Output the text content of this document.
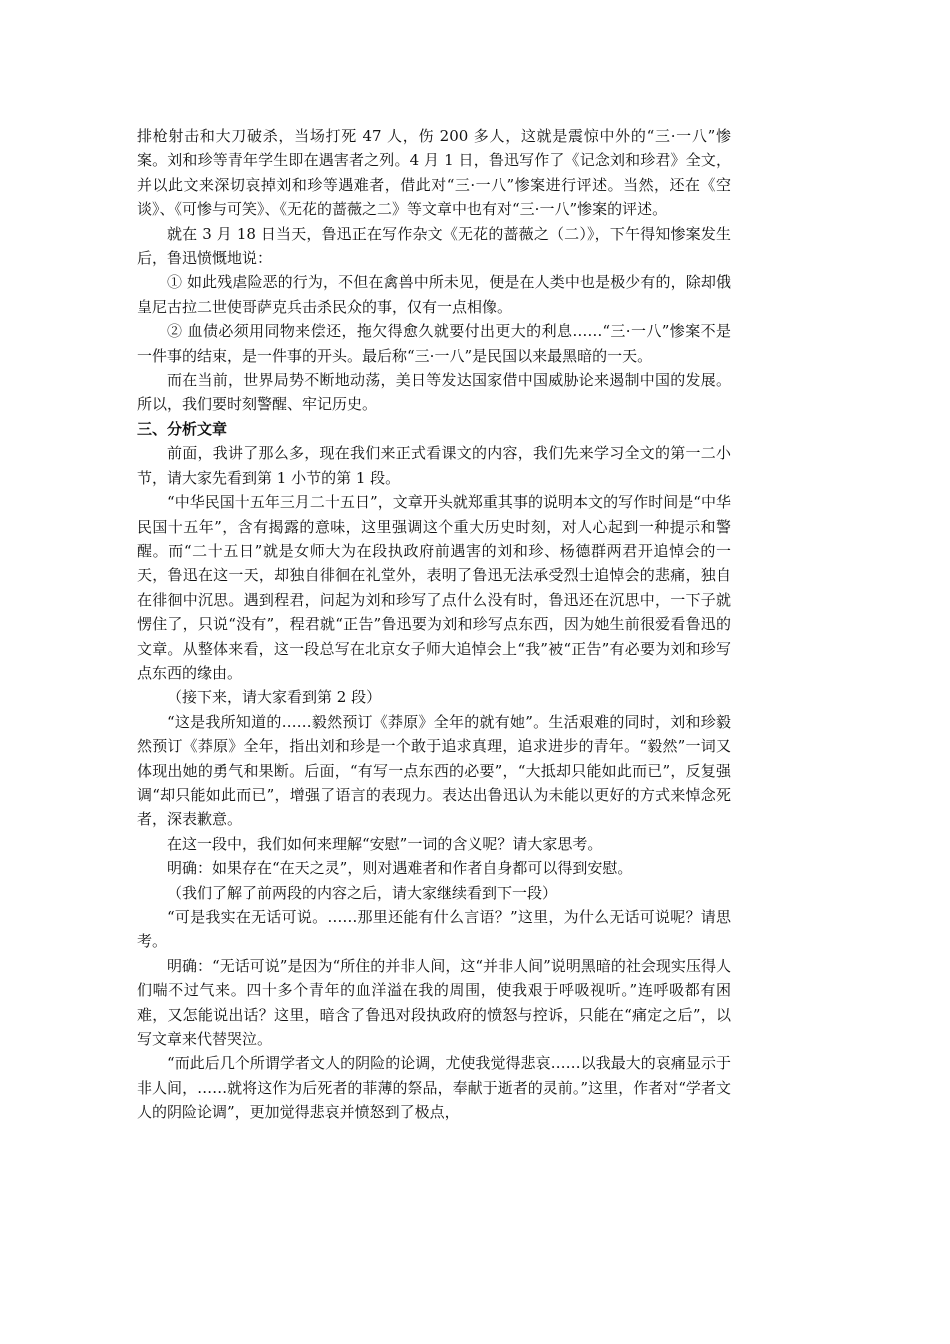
排枪射击和大刀破杀，当场打死 47 人，伤 200 多人，这就是震惊中外的“三·一八”惨案。刘和珍等青年学生即在遇害者之列。4 月 1 日，鲁迅写作了《记念刘和珍君》全文，并以此文来深切哀掉刘和珍等遇难者，借此对“三·一八”惨案进行评述。当然，还在《空谈》、《可惨与可笑》、《无花的蔷薇之二》等文章中也有对“三·一八”惨案的评述。

就在 3 月 18 日当天，鲁迅正在写作杂文《无花的蔷薇之（二）》，下午得知惨案发生后，鲁迅愤慨地说：

① 如此残虐险恶的行为，不但在禽兽中所未见，便是在人类中也是极少有的，除却俄皇尼古拉二世使哥萨克兵击杀民众的事，仅有一点相像。

② 血债必须用同物来偿还，拖欠得愈久就要付出更大的利息……“三·一八”惨案不是一件事的结束，是一件事的开头。最后称“三·一八”是民国以来最黑暗的一天。

而在当前，世界局势不断地动荡，美日等发达国家借中国威胁论来遏制中国的发展。所以，我们要时刻警醒、牢记历史。

三、分析文章

前面，我讲了那么多，现在我们来正式看课文的内容，我们先来学习全文的第一二小节，请大家先看到第 1 小节的第 1 段。

“中华民国十五年三月二十五日”，文章开头就郑重其事的说明本文的写作时间是“中华民国十五年”，含有揭露的意味，这里强调这个重大历史时刻，对人心起到一种提示和警醒。而“二十五日”就是女师大为在段执政府前遇害的刘和珍、杨德群两君开追悼会的一天，鲁迅在这一天，却独自徘徊在礼堂外，表明了鲁迅无法承受烈士追悼会的悲痛，独自在徘徊中沉思。遇到程君，问起为刘和珍写了点什么没有时，鲁迅还在沉思中，一下子就愣住了，只说“没有”，程君就“正告”鲁迅要为刘和珍写点东西，因为她生前很爱看鲁迅的文章。从整体来看，这一段总写在北京女子师大追悼会上“我”被“正告”有必要为刘和珍写点东西的缘由。

（接下来，请大家看到第 2 段）

“这是我所知道的……毅然预订《莽原》全年的就有她”。生活艰难的同时，刘和珍毅然预订《莽原》全年，指出刘和珍是一个敢于追求真理，追求进步的青年。“毅然”一词又体现出她的勇气和果断。后面，“有写一点东西的必要”，“大抵却只能如此而已”，反复强调“却只能如此而已”，增强了语言的表现力。表达出鲁迅认为未能以更好的方式来悼念死者，深表歉意。

在这一段中，我们如何来理解“安慰”一词的含义呢？请大家思考。

明确：如果存在“在天之灵”，则对遇难者和作者自身都可以得到安慰。

（我们了解了前两段的内容之后，请大家继续看到下一段）

“可是我实在无话可说。……那里还能有什么言语？”这里，为什么无话可说呢？请思考。

明确：“无话可说”是因为“所住的并非人间，这“并非人间”说明黑暗的社会现实压得人们喘不过气来。四十多个青年的血洋溢在我的周围，使我艰于呼吸视听。”连呼吸都有困难，又怎能说出话？这里，暗含了鲁迅对段执政府的愤怒与控诉，只能在“痛定之后”，以写文章来代替哭泣。

“而此后几个所谓学者文人的阴险的论调，尤使我觉得悲哀……以我最大的哀痛显示于非人间，……就将这作为后死者的菲薄的祭品，奉献于逝者的灵前。”这里，作者对“学者文人的阴险论调”，更加觉得悲哀并愤怒到了极点，
